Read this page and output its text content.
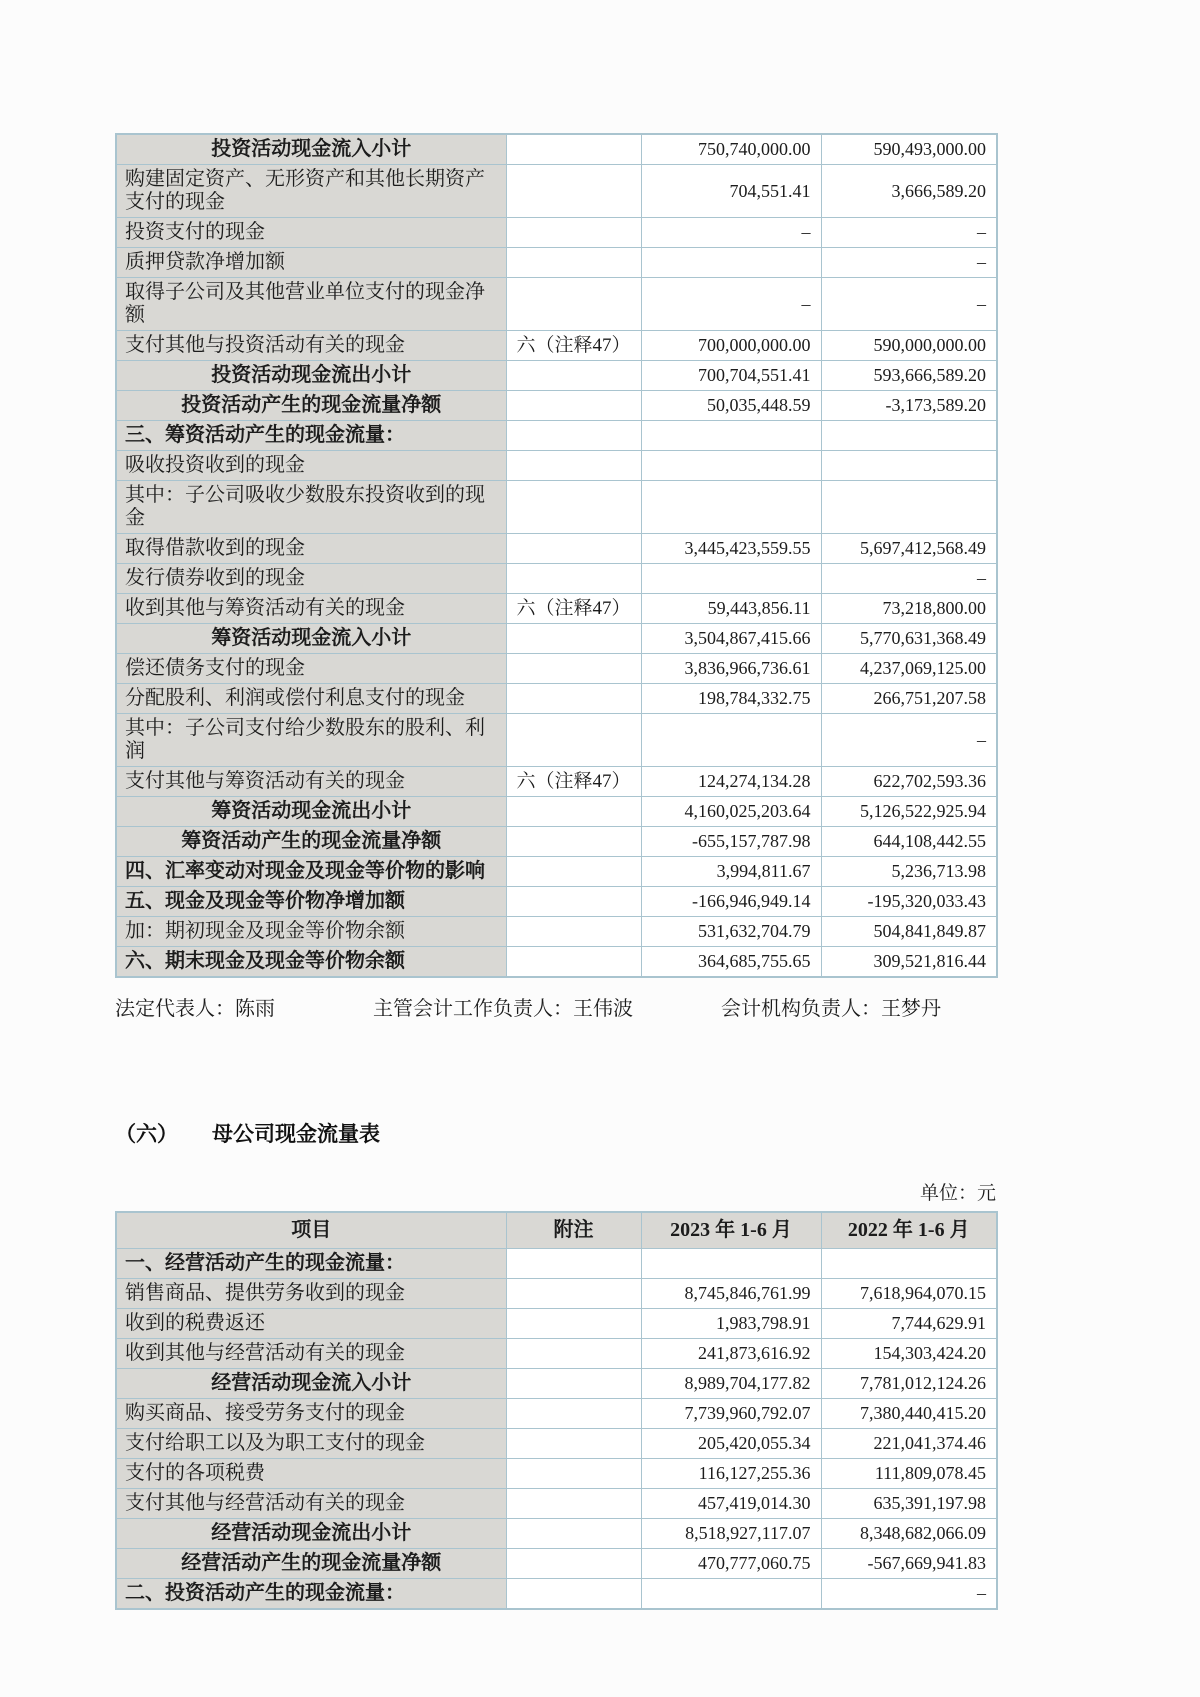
投资活动现金流入小计		750,740,000.00	590,493,000.00
购建固定资产、无形资产和其他长期资产支付的现金		704,551.41	3,666,589.20
投资支付的现金		–	–
质押贷款净增加额			–
取得子公司及其他营业单位支付的现金净额		–	–
支付其他与投资活动有关的现金	六（注释47）	700,000,000.00	590,000,000.00
投资活动现金流出小计		700,704,551.41	593,666,589.20
投资活动产生的现金流量净额		50,035,448.59	-3,173,589.20
三、筹资活动产生的现金流量：			
吸收投资收到的现金			
其中：子公司吸收少数股东投资收到的现金			
取得借款收到的现金		3,445,423,559.55	5,697,412,568.49
发行债券收到的现金			–
收到其他与筹资活动有关的现金	六（注释47）	59,443,856.11	73,218,800.00
筹资活动现金流入小计		3,504,867,415.66	5,770,631,368.49
偿还债务支付的现金		3,836,966,736.61	4,237,069,125.00
分配股利、利润或偿付利息支付的现金		198,784,332.75	266,751,207.58
其中：子公司支付给少数股东的股利、利润			–
支付其他与筹资活动有关的现金	六（注释47）	124,274,134.28	622,702,593.36
筹资活动现金流出小计		4,160,025,203.64	5,126,522,925.94
筹资活动产生的现金流量净额		-655,157,787.98	644,108,442.55
四、汇率变动对现金及现金等价物的影响		3,994,811.67	5,236,713.98
五、现金及现金等价物净增加额		-166,946,949.14	-195,320,033.43
加：期初现金及现金等价物余额		531,632,704.79	504,841,849.87
六、期末现金及现金等价物余额		364,685,755.65	309,521,816.44
法定代表人：陈雨	主管会计工作负责人：王伟波	会计机构负责人：王梦丹
（六） 母公司现金流量表
单位：元
项目	附注	2023 年 1-6 月	2022 年 1-6 月
一、经营活动产生的现金流量：			
销售商品、提供劳务收到的现金		8,745,846,761.99	7,618,964,070.15
收到的税费返还		1,983,798.91	7,744,629.91
收到其他与经营活动有关的现金		241,873,616.92	154,303,424.20
经营活动现金流入小计		8,989,704,177.82	7,781,012,124.26
购买商品、接受劳务支付的现金		7,739,960,792.07	7,380,440,415.20
支付给职工以及为职工支付的现金		205,420,055.34	221,041,374.46
支付的各项税费		116,127,255.36	111,809,078.45
支付其他与经营活动有关的现金		457,419,014.30	635,391,197.98
经营活动现金流出小计		8,518,927,117.07	8,348,682,066.09
经营活动产生的现金流量净额		470,777,060.75	-567,669,941.83
二、投资活动产生的现金流量：			–
